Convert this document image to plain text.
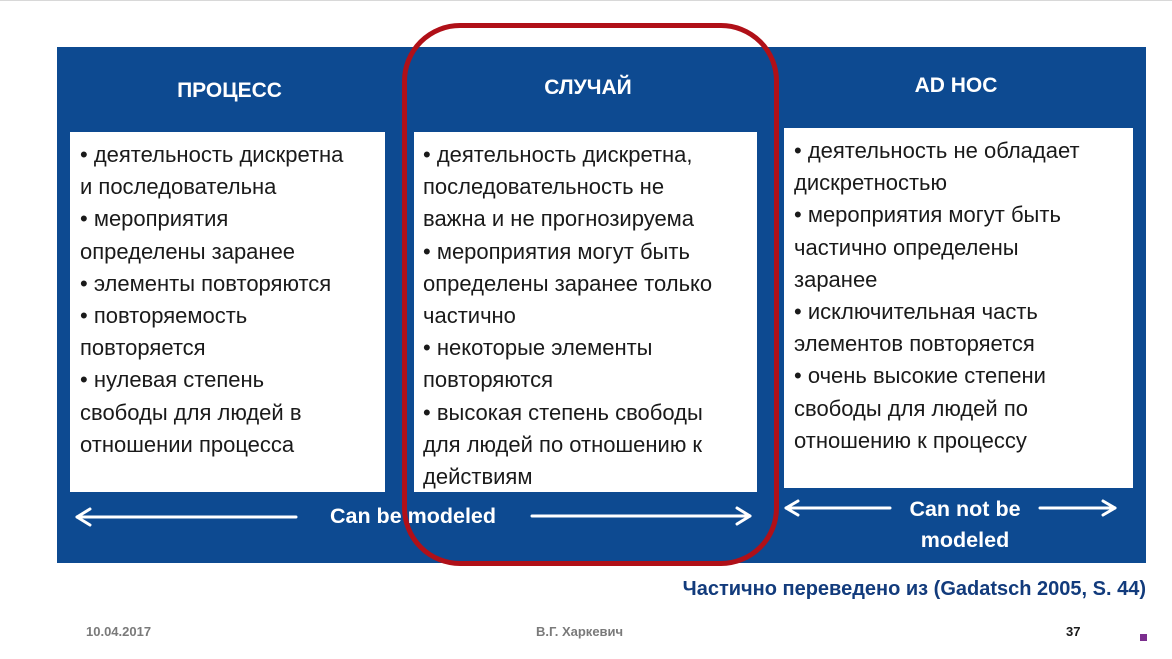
ПРОЦЕСС
• деятельность дискретна
и последовательна
• мероприятия
определены заранее
• элементы повторяются
• повторяемость
повторяется
• нулевая степень
свободы для людей в
отношении процесса
СЛУЧАЙ
• деятельность дискретна,
последовательность не
важна и не прогнозируема
• мероприятия могут быть
определены заранее только
частично
• некоторые элементы
повторяются
• высокая степень свободы
для людей по отношению к
действиям
AD HOC
• деятельность не обладает
дискретностью
• мероприятия могут быть
частично определены
заранее
• исключительная часть
элементов повторяется
• очень высокие степени
свободы для людей по
отношению к процессу
Can be modeled	Can not be
modeled
Частично переведено из (Gadatsch 2005, S. 44)
10.04.2017	В.Г. Харкевич	37
